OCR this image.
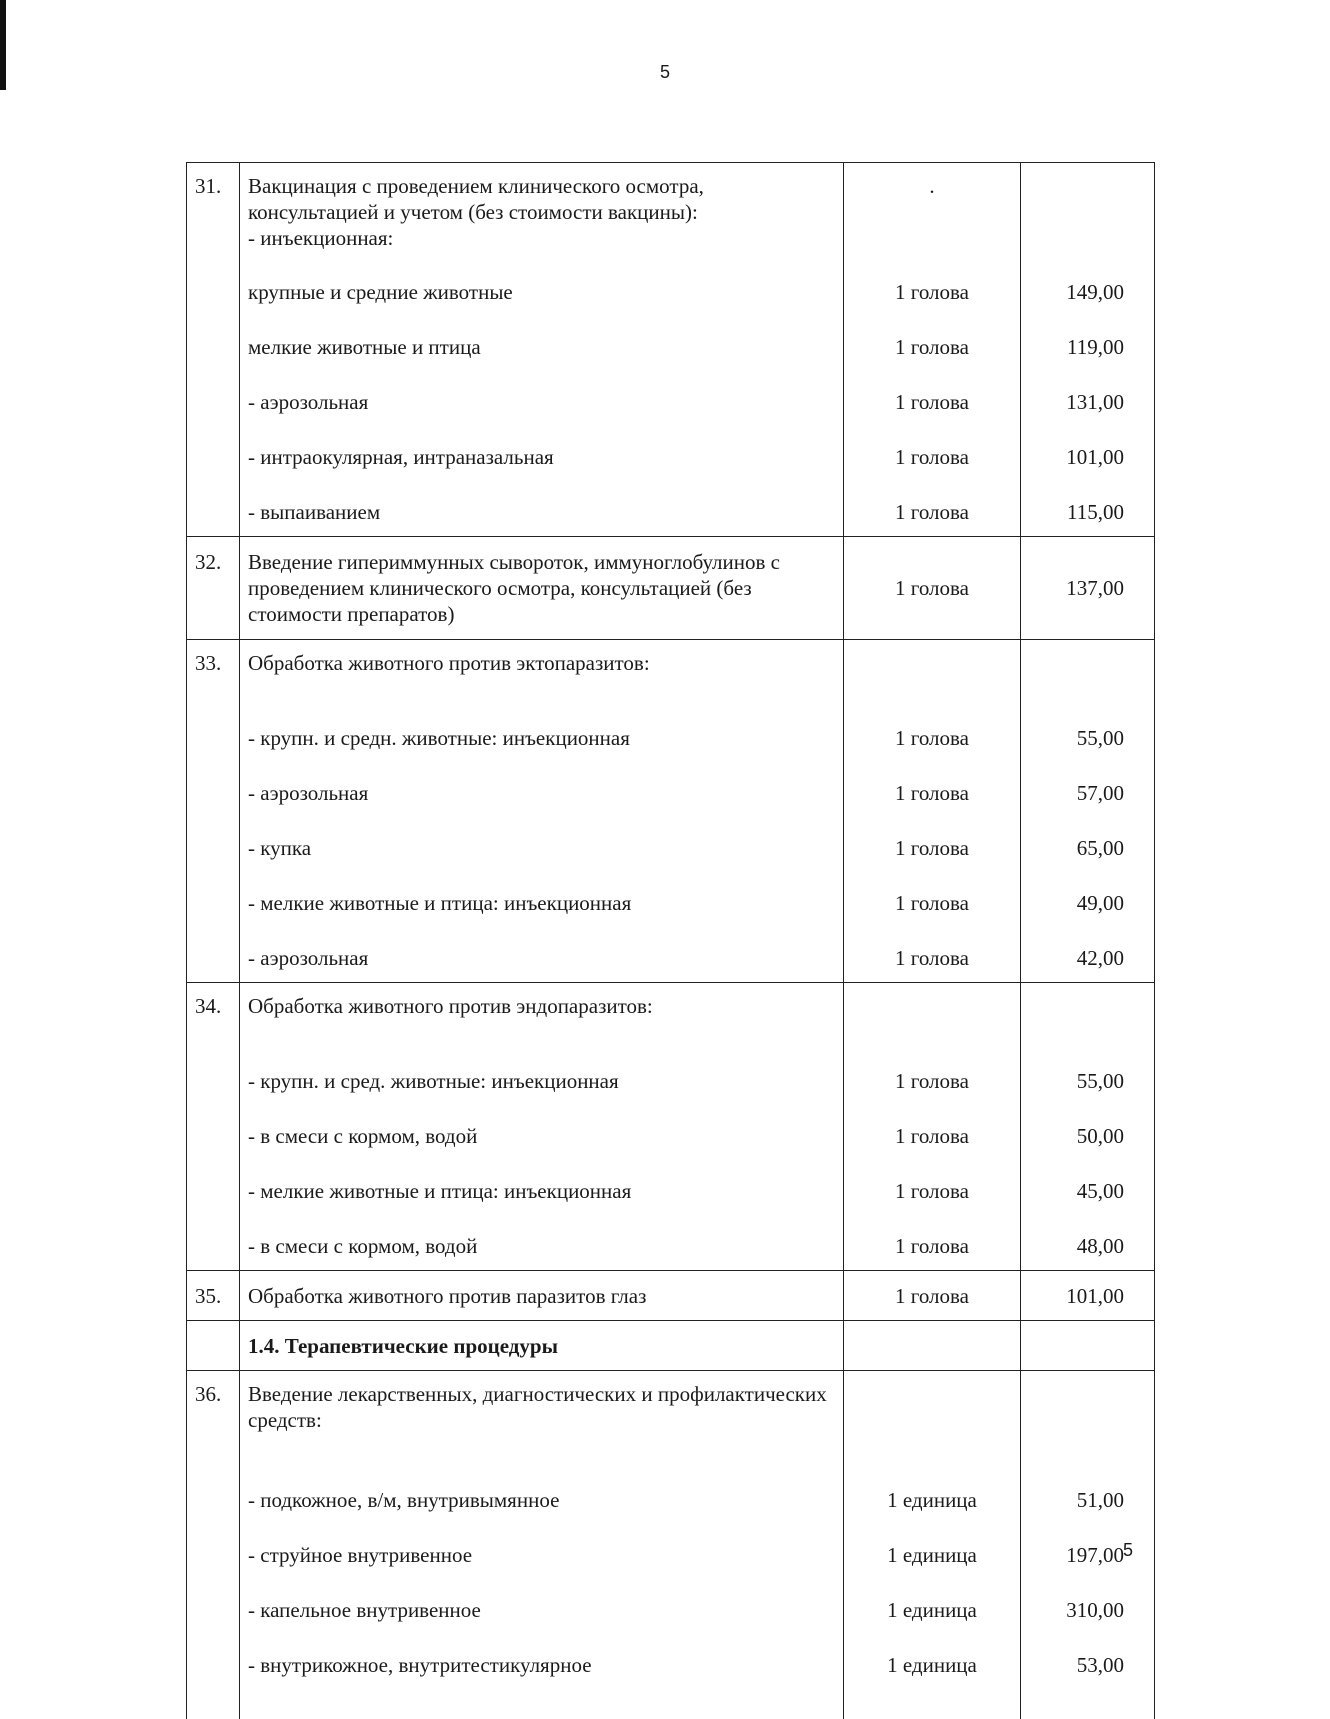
5
31.	Вакцинация с проведением клинического осмотра, консультацией и учетом (без стоимости вакцины):
- инъекционная:	.	
	крупные и средние животные	1 голова	149,00
	мелкие животные и птица	1 голова	119,00
	- аэрозольная	1 голова	131,00
	- интраокулярная, интраназальная	1 голова	101,00
	- выпаиванием	1 голова	115,00
32.	Введение гипериммунных сывороток, иммуноглобулинов с проведением клинического осмотра, консультацией (без стоимости препаратов)	1 голова	137,00
33.	Обработка животного против эктопаразитов:		

	- крупн. и средн. животные: инъекционная	1 голова	55,00
	- аэрозольная	1 голова	57,00
	- купка	1 голова	65,00
	- мелкие животные и птица: инъекционная	1 голова	49,00
	- аэрозольная	1 голова	42,00
34.	Обработка животного против эндопаразитов:		

	- крупн. и сред. животные: инъекционная	1 голова	55,00
	- в смеси с кормом, водой	1 голова	50,00
	- мелкие животные и птица: инъекционная	1 голова	45,00
	- в смеси с кормом, водой	1 голова	48,00
35.	Обработка животного против паразитов глаз	1 голова	101,00
	1.4. Терапевтические процедуры		
36.	Введение лекарственных, диагностических и профилактических средств:		

	- подкожное, в/м, внутривымянное	1 единица	51,00
	- струйное внутривенное	1 единица	197,00
	- капельное внутривенное	1 единица	310,00
	- внутрикожное, внутритестикулярное	1 единица	53,00

5
